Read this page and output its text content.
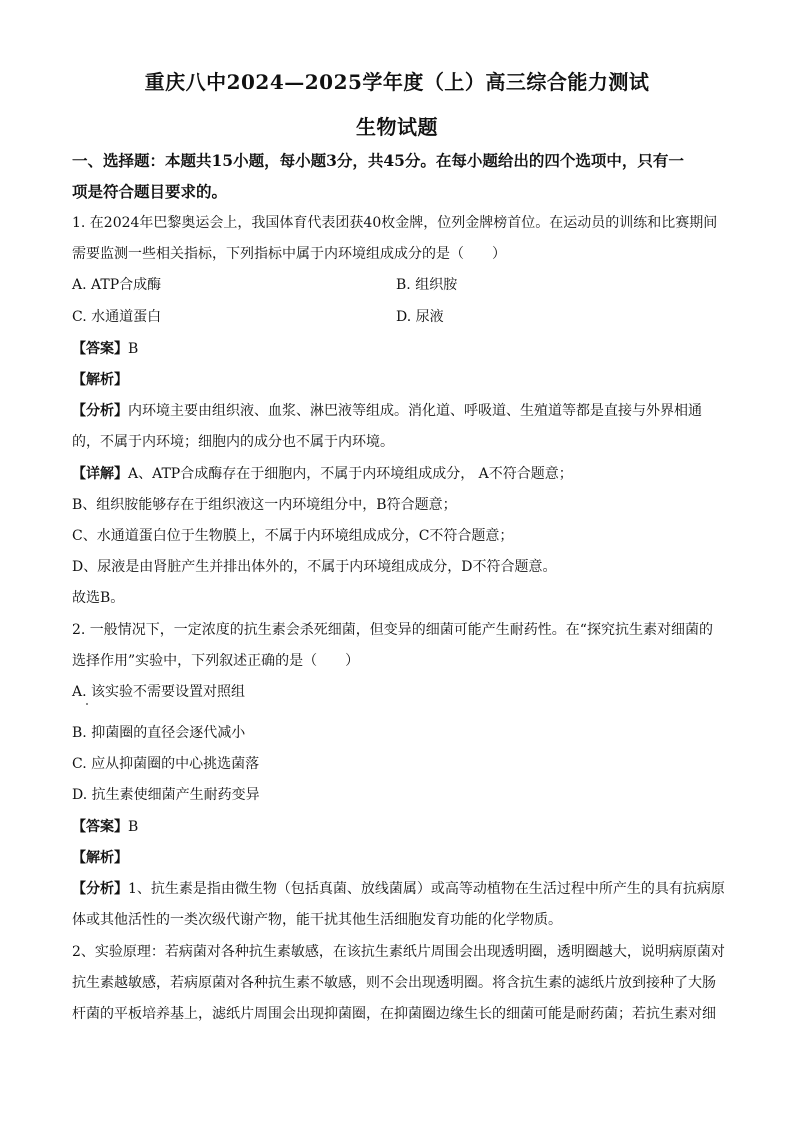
重庆八中2024—2025学年度（上）高三综合能力测试
生物试题
一、选择题：本题共15小题，每小题3分，共45分。在每小题给出的四个选项中，只有一
项是符合题目要求的。
1. 在2024年巴黎奥运会上，我国体育代表团获40枚金牌，位列金牌榜首位。在运动员的训练和比赛期间
需要监测一些相关指标，下列指标中属于内环境组成成分的是（　　）
A. ATP合成酶	B. 组织胺
C. 水通道蛋白	D. 尿液
【答案】B
【解析】
【分析】内环境主要由组织液、血浆、淋巴液等组成。消化道、呼吸道、生殖道等都是直接与外界相通
的，不属于内环境；细胞内的成分也不属于内环境。
【详解】A、ATP合成酶存在于细胞内，不属于内环境组成成分， A不符合题意；
B、组织胺能够存在于组织液这一内环境组分中，B符合题意；
C、水通道蛋白位于生物膜上，不属于内环境组成成分，C不符合题意；
D、尿液是由肾脏产生并排出体外的，不属于内环境组成成分，D不符合题意。
故选B。
2. 一般情况下，一定浓度的抗生素会杀死细菌，但变异的细菌可能产生耐药性。在“探究抗生素对细菌的
选择作用”实验中，下列叙述正确的是（　　）
A. 该实验不需要设置对照组
B. 抑菌圈的直径会逐代减小
C. 应从抑菌圈的中心挑选菌落
D. 抗生素使细菌产生耐药变异
【答案】B
【解析】
【分析】1、抗生素是指由微生物（包括真菌、放线菌属）或高等动植物在生活过程中所产生的具有抗病原
体或其他活性的一类次级代谢产物，能干扰其他生活细胞发育功能的化学物质。
2、实验原理：若病菌对各种抗生素敏感，在该抗生素纸片周围会出现透明圈，透明圈越大，说明病原菌对
抗生素越敏感，若病原菌对各种抗生素不敏感，则不会出现透明圈。将含抗生素的滤纸片放到接种了大肠
杆菌的平板培养基上，滤纸片周围会出现抑菌圈，在抑菌圈边缘生长的细菌可能是耐药菌；若抗生素对细
